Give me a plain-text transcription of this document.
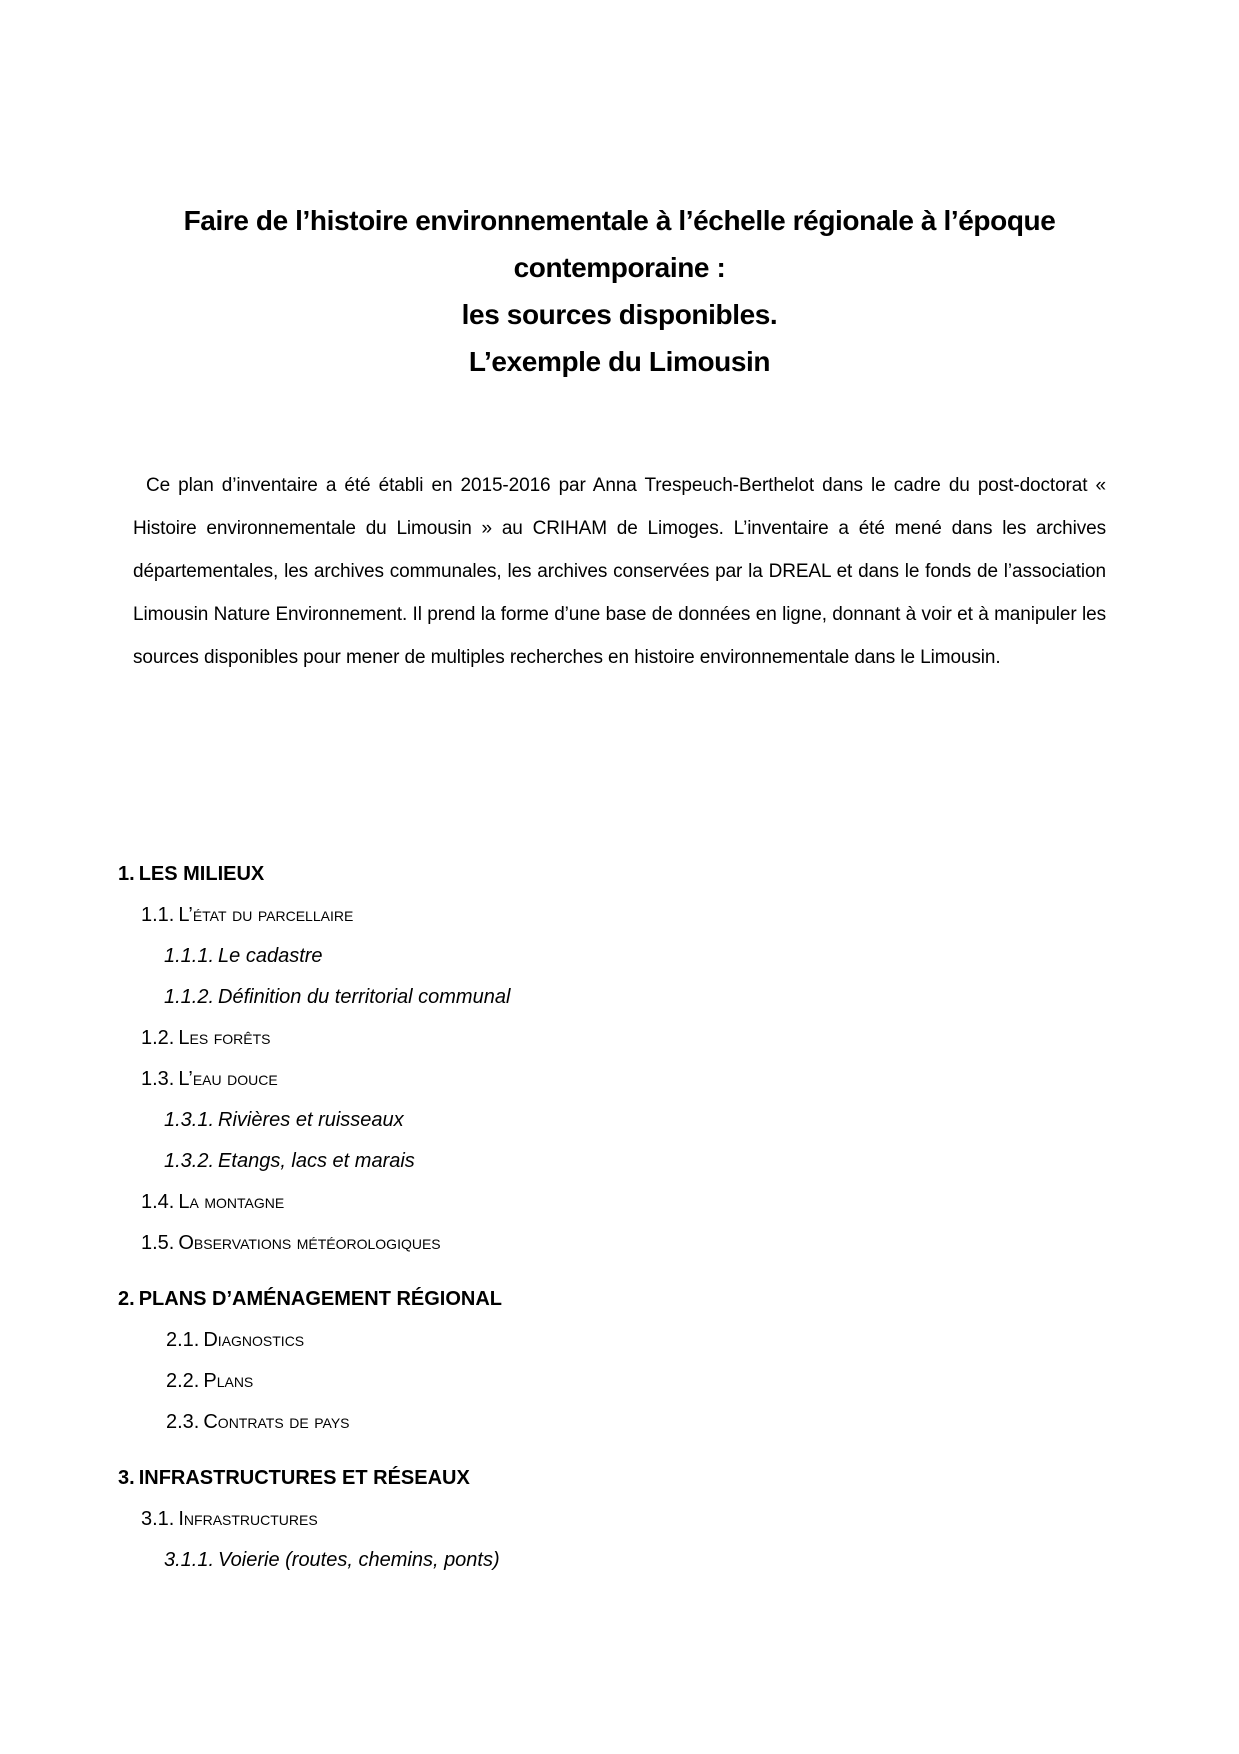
Faire de l’histoire environnementale à l’échelle régionale à l’époque
contemporaine :
les sources disponibles.
L’exemple du Limousin

Ce plan d’inventaire a été établi en 2015-2016 par Anna Trespeuch-Berthelot dans le cadre du post-doctorat « Histoire environnementale du Limousin » au CRIHAM de Limoges. L’inventaire a été mené dans les archives départementales, les archives communales, les archives conservées par la DREAL et dans le fonds de l’association Limousin Nature Environnement. Il prend la forme d’une base de données en ligne, donnant à voir et à manipuler les sources disponibles pour mener de multiples recherches en histoire environnementale dans le Limousin.

1. LES MILIEUX
1.1. L’état du parcellaire
1.1.1. Le cadastre
1.1.2. Définition du territorial communal
1.2. Les forêts
1.3. L’eau douce
1.3.1. Rivières et ruisseaux
1.3.2. Etangs, lacs et marais
1.4. La montagne
1.5. Observations météorologiques
2. PLANS D’AMÉNAGEMENT RÉGIONAL
2.1. Diagnostics
2.2. Plans
2.3. Contrats de pays
3. INFRASTRUCTURES ET RÉSEAUX
3.1. Infrastructures
3.1.1. Voierie (routes, chemins, ponts)
